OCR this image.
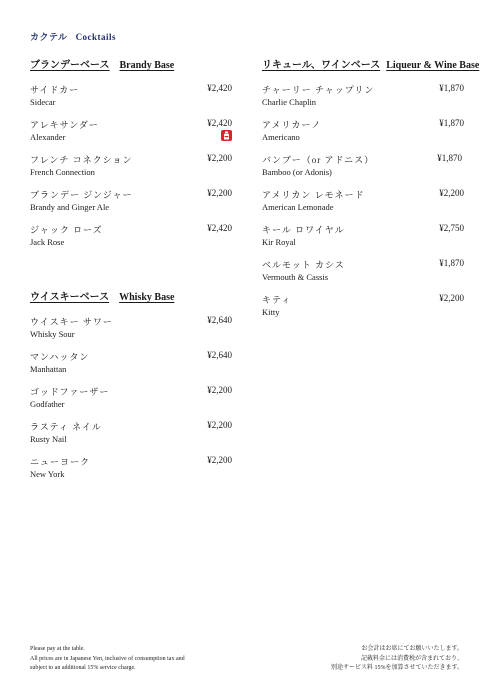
カクテル Cocktails
ブランデーベース Brandy Base
サイドカー
Sidecar
¥2,420
アレキサンダー
Alexander
¥2,420
フレンチ コネクション
French Connection
¥2,200
ブランデー ジンジャー
Brandy and Ginger Ale
¥2,200
ジャック ローズ
Jack Rose
¥2,420
ウイスキーベース Whisky Base
ウイスキー サワー
Whisky Sour
¥2,640
マンハッタン
Manhattan
¥2,640
ゴッドファーザー
Godfather
¥2,200
ラスティ ネイル
Rusty Nail
¥2,200
ニューヨーク
New York
¥2,200
リキュール、ワインベース Liqueur & Wine Base
チャーリー チャップリン
Charlie Chaplin
¥1,870
アメリカーノ
Americano
¥1,870
バンブー（or アドニス）
Bamboo (or Adonis)
¥1,870
アメリカン レモネード
American Lemonade
¥2,200
キール ロワイヤル
Kir Royal
¥2,750
ベルモット カシス
Vermouth & Cassis
¥1,870
キティ
Kitty
¥2,200
Please pay at the table.
All prices are in Japanese Yen, inclusive of consumption tax and
subject to an additional 15% service charge.
お会計はお席にてお願いいたします。
記載料金には消費税が含まれており、
別途サービス料 15%を加算させていただきます。
